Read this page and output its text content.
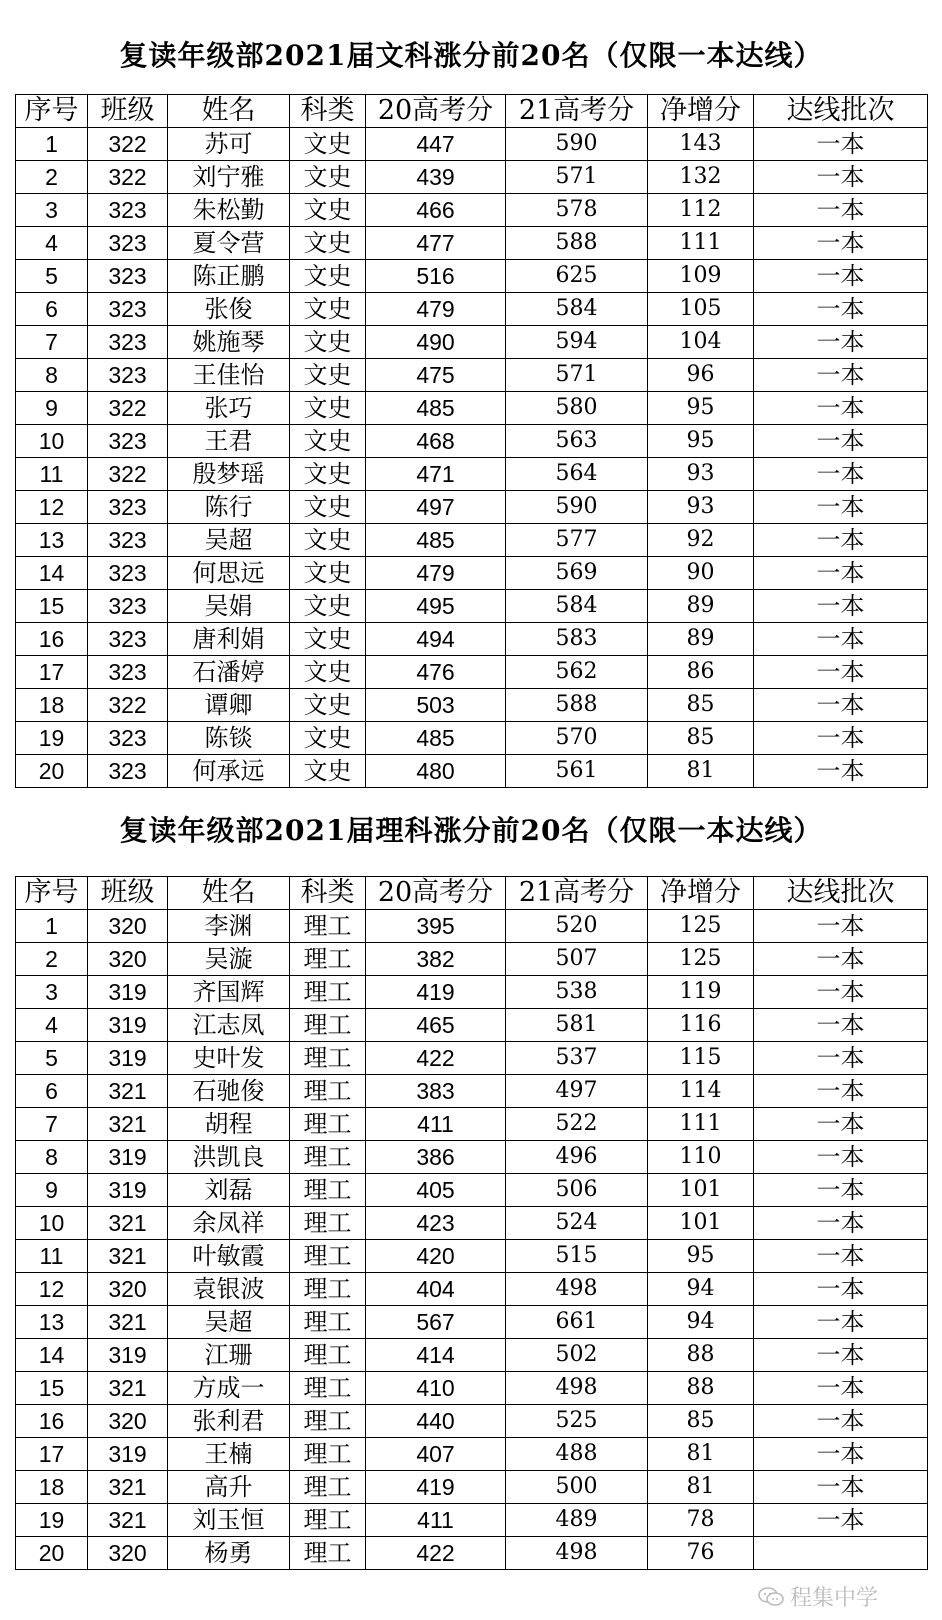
复读年级部2021届文科涨分前20名（仅限一本达线）
序号	班级	姓名	科类	20高考分	21高考分	净增分	达线批次
1	322	苏可	文史	447	590	143	一本
2	322	刘宁雅	文史	439	571	132	一本
3	323	朱松勤	文史	466	578	112	一本
4	323	夏令营	文史	477	588	111	一本
5	323	陈正鹏	文史	516	625	109	一本
6	323	张俊	文史	479	584	105	一本
7	323	姚施琴	文史	490	594	104	一本
8	323	王佳怡	文史	475	571	96	一本
9	322	张巧	文史	485	580	95	一本
10	323	王君	文史	468	563	95	一本
11	322	殷梦瑶	文史	471	564	93	一本
12	323	陈行	文史	497	590	93	一本
13	323	吴超	文史	485	577	92	一本
14	323	何思远	文史	479	569	90	一本
15	323	吴娟	文史	495	584	89	一本
16	323	唐利娟	文史	494	583	89	一本
17	323	石潘婷	文史	476	562	86	一本
18	322	谭卿	文史	503	588	85	一本
19	323	陈锬	文史	485	570	85	一本
20	323	何承远	文史	480	561	81	一本
复读年级部2021届理科涨分前20名（仅限一本达线）
序号	班级	姓名	科类	20高考分	21高考分	净增分	达线批次
1	320	李渊	理工	395	520	125	一本
2	320	吴漩	理工	382	507	125	一本
3	319	齐国辉	理工	419	538	119	一本
4	319	江志凤	理工	465	581	116	一本
5	319	史叶发	理工	422	537	115	一本
6	321	石驰俊	理工	383	497	114	一本
7	321	胡程	理工	411	522	111	一本
8	319	洪凯良	理工	386	496	110	一本
9	319	刘磊	理工	405	506	101	一本
10	321	余凤祥	理工	423	524	101	一本
11	321	叶敏霞	理工	420	515	95	一本
12	320	袁银波	理工	404	498	94	一本
13	321	吴超	理工	567	661	94	一本
14	319	江珊	理工	414	502	88	一本
15	321	方成一	理工	410	498	88	一本
16	320	张利君	理工	440	525	85	一本
17	319	王楠	理工	407	488	81	一本
18	321	高升	理工	419	500	81	一本
19	321	刘玉恒	理工	411	489	78	一本
20	320	杨勇	理工	422	498	76	
程集中学
